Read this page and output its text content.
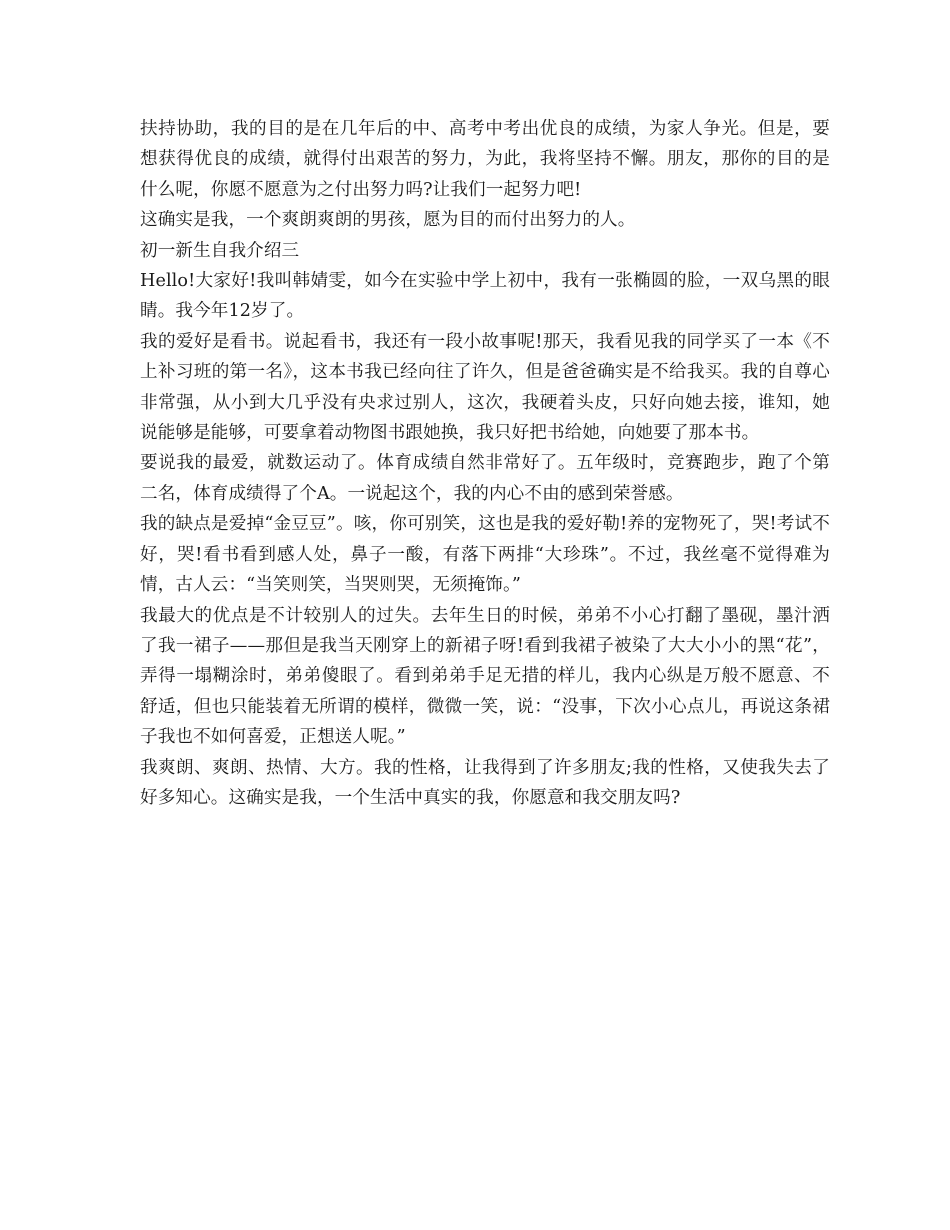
扶持协助，我的目的是在几年后的中、高考中考出优良的成绩，为家人争光。但是，要想获得优良的成绩，就得付出艰苦的努力，为此，我将坚持不懈。朋友，那你的目的是什么呢，你愿不愿意为之付出努力吗?让我们一起努力吧!

这确实是我，一个爽朗爽朗的男孩，愿为目的而付出努力的人。

初一新生自我介绍三

Hello!大家好!我叫韩婧雯，如今在实验中学上初中，我有一张椭圆的脸，一双乌黑的眼睛。我今年12岁了。

我的爱好是看书。说起看书，我还有一段小故事呢!那天，我看见我的同学买了一本《不上补习班的第一名》，这本书我已经向往了许久，但是爸爸确实是不给我买。我的自尊心非常强，从小到大几乎没有央求过别人，这次，我硬着头皮，只好向她去接，谁知，她说能够是能够，可要拿着动物图书跟她换，我只好把书给她，向她要了那本书。

要说我的最爱，就数运动了。体育成绩自然非常好了。五年级时，竞赛跑步，跑了个第二名，体育成绩得了个A。一说起这个，我的内心不由的感到荣誉感。

我的缺点是爱掉“金豆豆”。咳，你可别笑，这也是我的爱好勒!养的宠物死了，哭!考试不好，哭!看书看到感人处，鼻子一酸，有落下两排“大珍珠”。不过，我丝毫不觉得难为情，古人云：“当笑则笑，当哭则哭，无须掩饰。”

我最大的优点是不计较别人的过失。去年生日的时候，弟弟不小心打翻了墨砚，墨汁洒了我一裙子——那但是我当天刚穿上的新裙子呀!看到我裙子被染了大大小小的黑“花”，弄得一塌糊涂时，弟弟傻眼了。看到弟弟手足无措的样儿，我内心纵是万般不愿意、不舒适，但也只能装着无所谓的模样，微微一笑，说：“没事，下次小心点儿，再说这条裙子我也不如何喜爱，正想送人呢。”

我爽朗、爽朗、热情、大方。我的性格，让我得到了许多朋友;我的性格，又使我失去了好多知心。这确实是我，一个生活中真实的我，你愿意和我交朋友吗?
